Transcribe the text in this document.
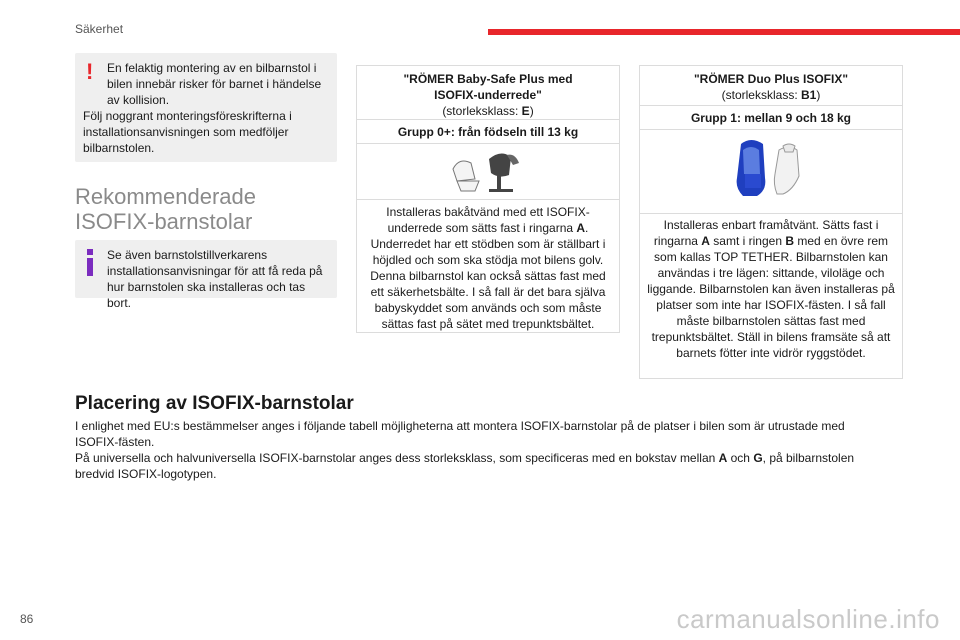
Säkerhet
!	En felaktig montering av en bilbarnstol i
bilen innebär risker för barnet i händelse av kollision.
Följ noggrant monteringsföreskrifterna i installationsanvisningen som medföljer bilbarnstolen.
Rekommenderade
ISOFIX-barnstolar
Se även barnstolstillverkarens
installationsanvisningar för att få reda på hur barnstolen ska installeras och tas bort.
"RÖMER Baby-Safe Plus med
ISOFIX-underrede"
(storleksklass: E)
Grupp 0+: från födseln till 13 kg
Installeras bakåtvänd med ett ISOFIX-underrede som sätts fast i ringarna A. Underredet har ett stödben som är ställbart i höjdled och som ska stödja mot bilens golv. Denna bilbarnstol kan också sättas fast med ett säkerhetsbälte. I så fall är det bara själva babyskyddet som används och som måste sättas fast på sätet med trepunktsbältet.
"RÖMER Duo Plus ISOFIX"
(storleksklass: B1)
Grupp 1: mellan 9 och 18 kg
Installeras enbart framåtvänt. Sätts fast i ringarna A samt i ringen B med en övre rem som kallas TOP TETHER. Bilbarnstolen kan användas i tre lägen: sittande, viloläge och liggande. Bilbarnstolen kan även installeras på platser som inte har ISOFIX-fästen. I så fall måste bilbarnstolen sättas fast med trepunktsbältet. Ställ in bilens framsäte så att barnets fötter inte vidrör ryggstödet.
Placering av ISOFIX-barnstolar
I enlighet med EU:s bestämmelser anges i följande tabell möjligheterna att montera ISOFIX-barnstolar på de platser i bilen som är utrustade med ISOFIX-fästen.
På universella och halvuniversella ISOFIX-barnstolar anges dess storleksklass, som specificeras med en bokstav mellan A och G, på bilbarnstolen bredvid ISOFIX-logotypen.
86	carmanualsonline.info
